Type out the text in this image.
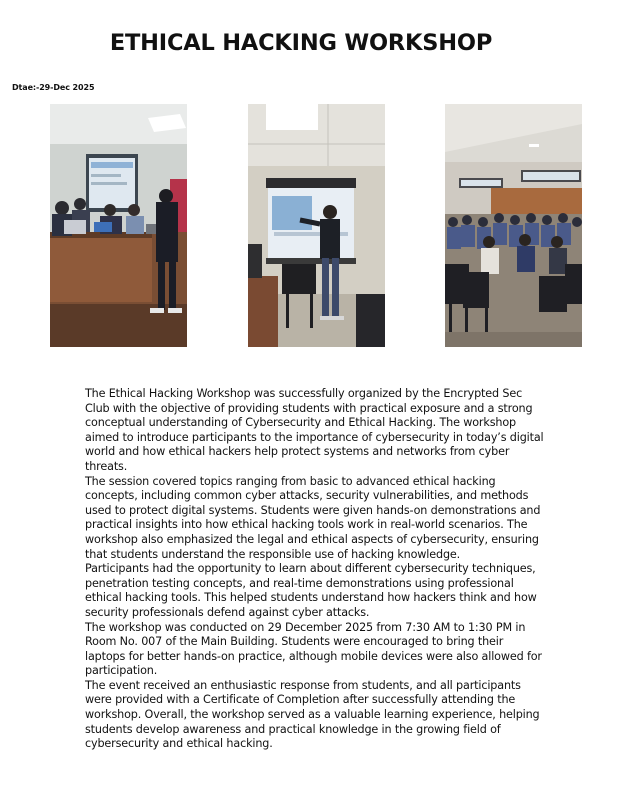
ETHICAL HACKING WORKSHOP
Dtae:-29-Dec 2025

The Ethical Hacking Workshop was successfully organized by the Encrypted Sec Club with the objective of providing students with practical exposure and a strong conceptual understanding of Cybersecurity and Ethical Hacking. The workshop aimed to introduce participants to the importance of cybersecurity in today’s digital world and how ethical hackers help protect systems and networks from cyber threats.

The session covered topics ranging from basic to advanced ethical hacking concepts, including common cyber attacks, security vulnerabilities, and methods used to protect digital systems. Students were given hands-on demonstrations and practical insights into how ethical hacking tools work in real-world scenarios. The workshop also emphasized the legal and ethical aspects of cybersecurity, ensuring that students understand the responsible use of hacking knowledge.

Participants had the opportunity to learn about different cybersecurity techniques, penetration testing concepts, and real-time demonstrations using professional ethical hacking tools. This helped students understand how hackers think and how security professionals defend against cyber attacks.

The workshop was conducted on 29 December 2025 from 7:30 AM to 1:30 PM in Room No. 007 of the Main Building. Students were encouraged to bring their laptops for better hands-on practice, although mobile devices were also allowed for participation.

The event received an enthusiastic response from students, and all participants were provided with a Certificate of Completion after successfully attending the workshop. Overall, the workshop served as a valuable learning experience, helping students develop awareness and practical knowledge in the growing field of cybersecurity and ethical hacking.
